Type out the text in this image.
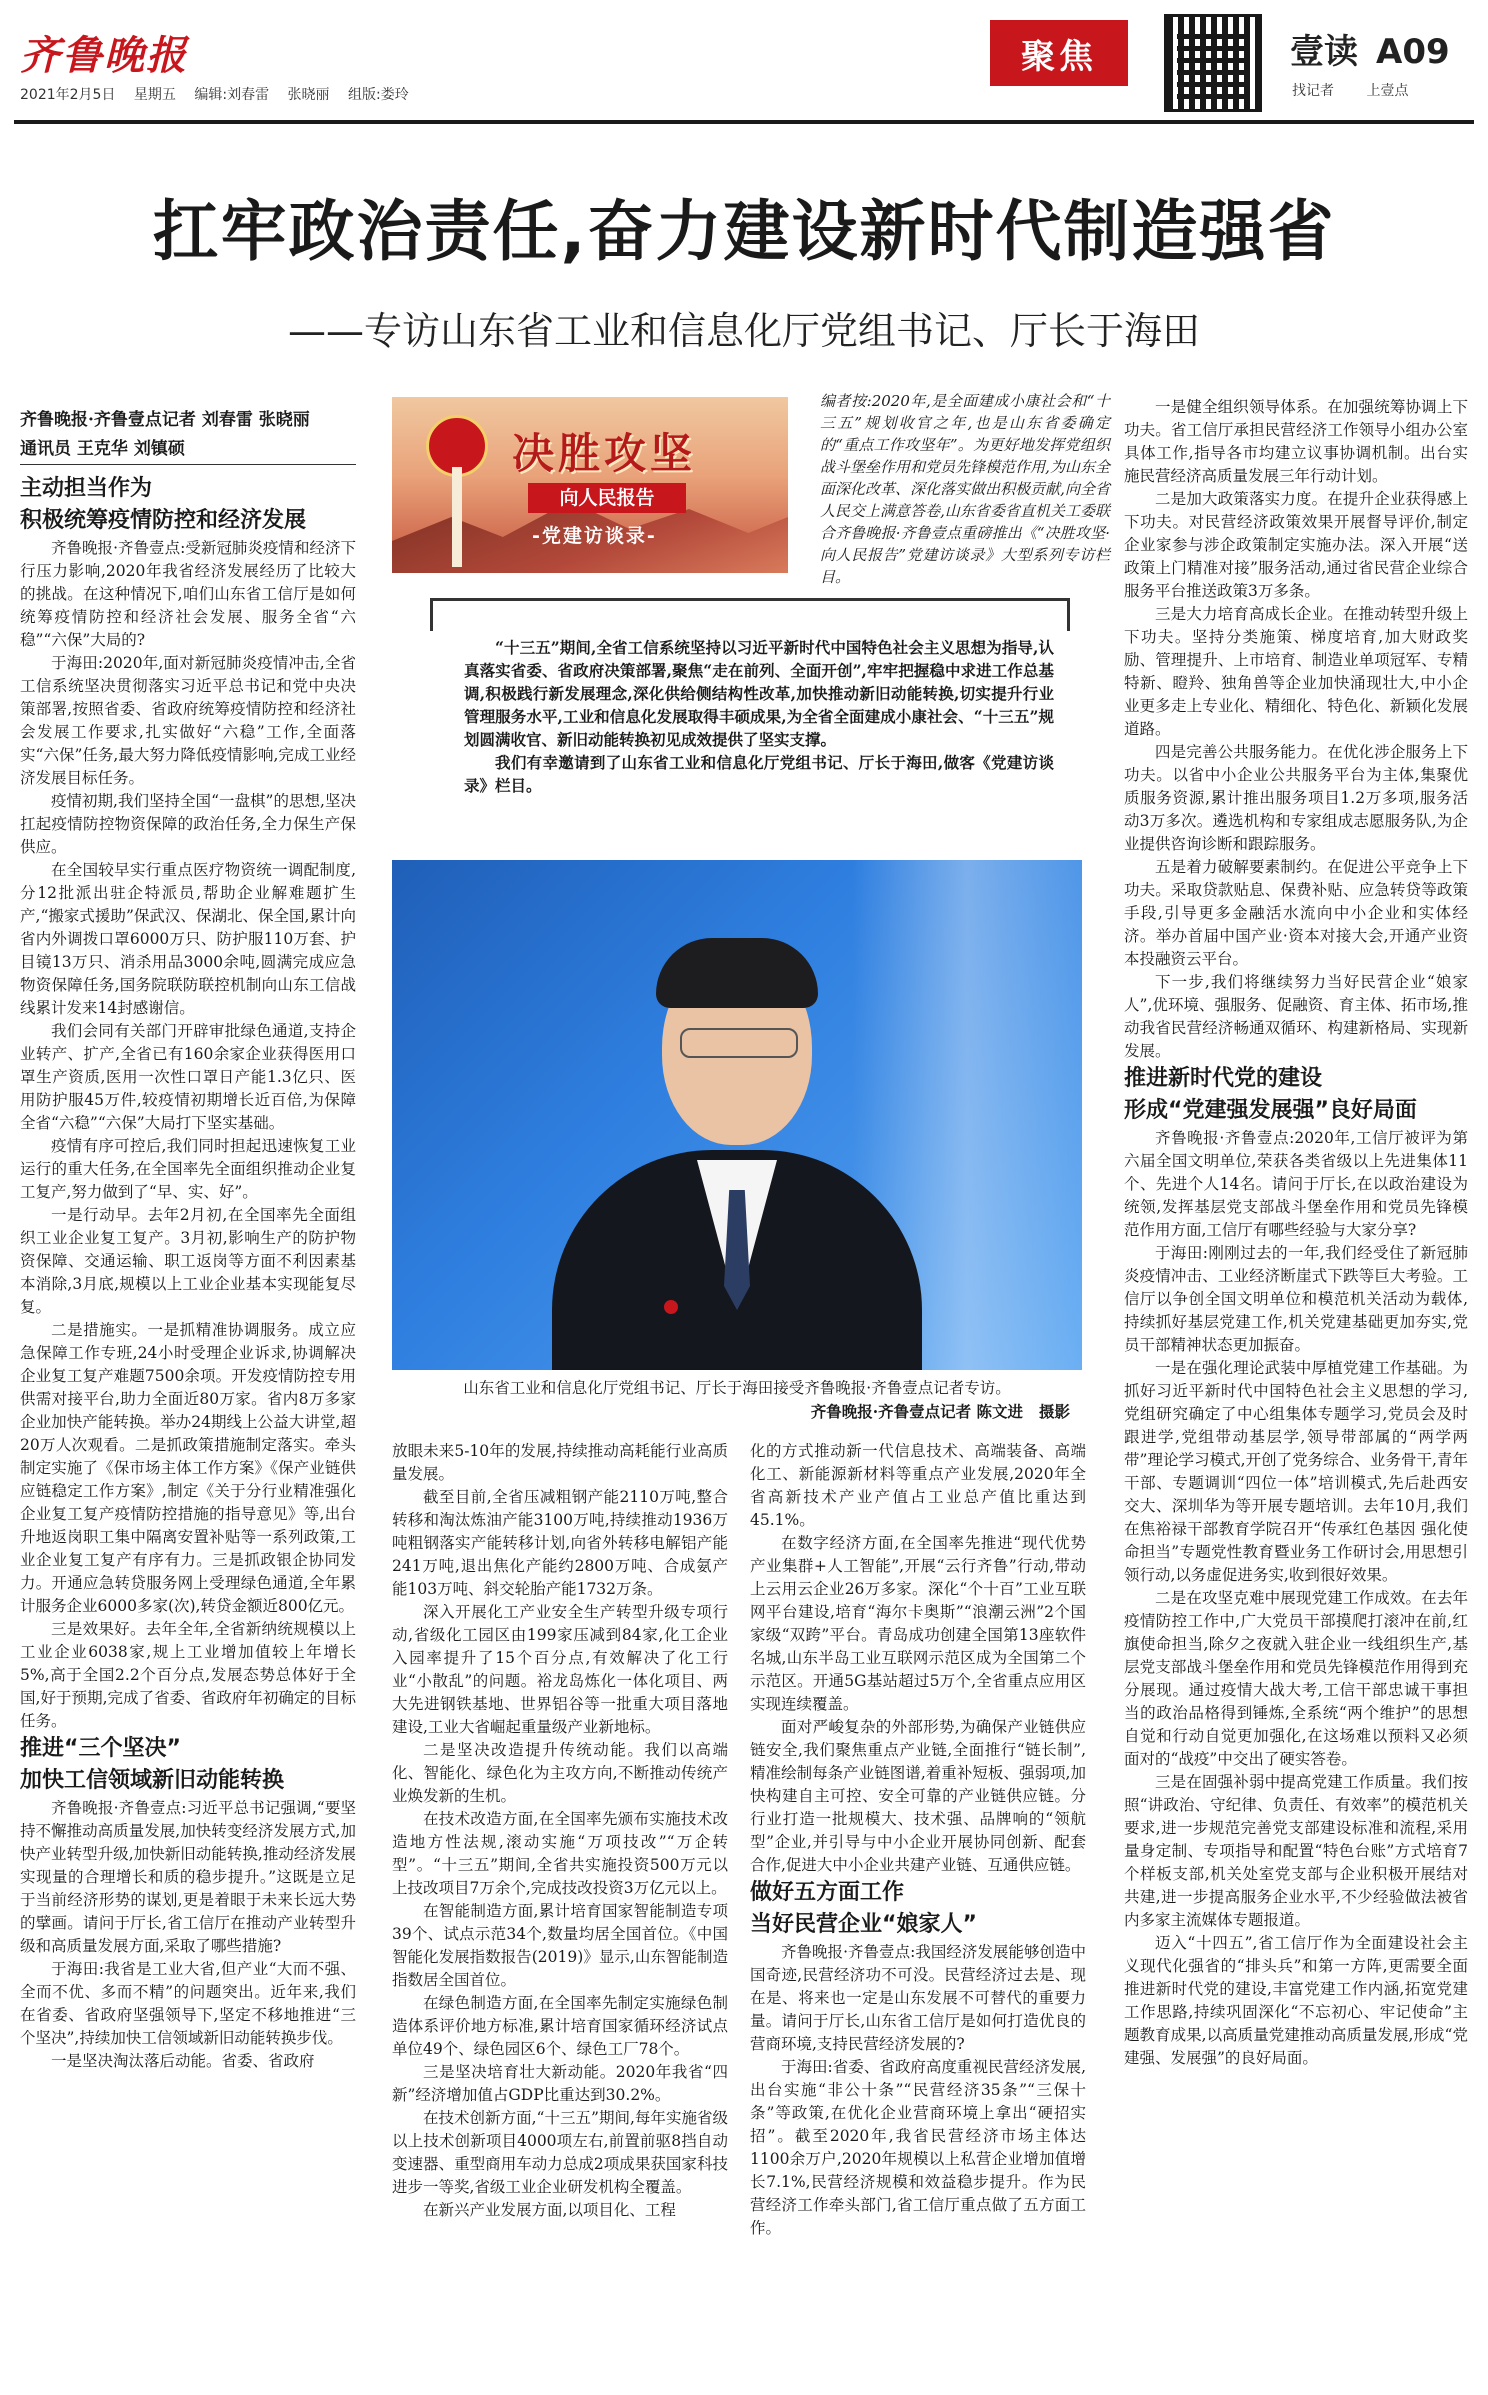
齐鲁晚报
2021年2月5日 星期五 编辑:刘春雷 张晓丽 组版:娄玲
聚焦	壹读 A09
找记者 上壹点
扛牢政治责任,奋力建设新时代制造强省
——专访山东省工业和信息化厅党组书记、厅长于海田

齐鲁晚报·齐鲁壹点记者 刘春雷 张晓丽

通讯员 王克华 刘镇硕

主动担当作为
积极统筹疫情防控和经济发展

齐鲁晚报·齐鲁壹点:受新冠肺炎疫情和经济下行压力影响,2020年我省经济发展经历了比较大的挑战。在这种情况下,咱们山东省工信厅是如何统筹疫情防控和经济社会发展、服务全省“六稳”“六保”大局的?

于海田:2020年,面对新冠肺炎疫情冲击,全省工信系统坚决贯彻落实习近平总书记和党中央决策部署,按照省委、省政府统筹疫情防控和经济社会发展工作要求,扎实做好“六稳”工作,全面落实“六保”任务,最大努力降低疫情影响,完成工业经济发展目标任务。

疫情初期,我们坚持全国“一盘棋”的思想,坚决扛起疫情防控物资保障的政治任务,全力保生产保供应。

在全国较早实行重点医疗物资统一调配制度,分12批派出驻企特派员,帮助企业解难题扩生产,“搬家式援助”保武汉、保湖北、保全国,累计向省内外调拨口罩6000万只、防护服110万套、护目镜13万只、消杀用品3000余吨,圆满完成应急物资保障任务,国务院联防联控机制向山东工信战线累计发来14封感谢信。

我们会同有关部门开辟审批绿色通道,支持企业转产、扩产,全省已有160余家企业获得医用口罩生产资质,医用一次性口罩日产能1.3亿只、医用防护服45万件,较疫情初期增长近百倍,为保障全省“六稳”“六保”大局打下坚实基础。

疫情有序可控后,我们同时担起迅速恢复工业运行的重大任务,在全国率先全面组织推动企业复工复产,努力做到了“早、实、好”。

一是行动早。去年2月初,在全国率先全面组织工业企业复工复产。3月初,影响生产的防护物资保障、交通运输、职工返岗等方面不利因素基本消除,3月底,规模以上工业企业基本实现能复尽复。

二是措施实。一是抓精准协调服务。成立应急保障工作专班,24小时受理企业诉求,协调解决企业复工复产难题7500余项。开发疫情防控专用供需对接平台,助力全面近80万家。省内8万多家企业加快产能转换。举办24期线上公益大讲堂,超20万人次观看。二是抓政策措施制定落实。牵头制定实施了《保市场主体工作方案》《保产业链供应链稳定工作方案》,制定《关于分行业精准强化企业复工复产疫情防控措施的指导意见》等,出台升地返岗职工集中隔离安置补贴等一系列政策,工业企业复工复产有序有力。三是抓政银企协同发力。开通应急转贷服务网上受理绿色通道,全年累计服务企业6000多家(次),转贷金额近800亿元。

三是效果好。去年全年,全省新纳统规模以上工业企业6038家,规上工业增加值较上年增长5%,高于全国2.2个百分点,发展态势总体好于全国,好于预期,完成了省委、省政府年初确定的目标任务。

推进“三个坚决”
加快工信领域新旧动能转换

齐鲁晚报·齐鲁壹点:习近平总书记强调,“要坚持不懈推动高质量发展,加快转变经济发展方式,加快产业转型升级,加快新旧动能转换,推动经济发展实现量的合理增长和质的稳步提升。”这既是立足于当前经济形势的谋划,更是着眼于未来长远大势的擘画。请问于厅长,省工信厅在推动产业转型升级和高质量发展方面,采取了哪些措施?

于海田:我省是工业大省,但产业“大而不强、全而不优、多而不精”的问题突出。近年来,我们在省委、省政府坚强领导下,坚定不移地推进“三个坚决”,持续加快工信领域新旧动能转换步伐。

一是坚决淘汰落后动能。省委、省政府

决胜攻坚
向人民报告
-党建访谈录-
编者按:2020年,是全面建成小康社会和“十三五”规划收官之年,也是山东省委确定的“重点工作攻坚年”。为更好地发挥党组织战斗堡垒作用和党员先锋模范作用,为山东全面深化改革、深化落实做出积极贡献,向全省人民交上满意答卷,山东省委省直机关工委联合齐鲁晚报·齐鲁壹点重磅推出《“决胜攻坚·向人民报告”党建访谈录》大型系列专访栏目。

“十三五”期间,全省工信系统坚持以习近平新时代中国特色社会主义思想为指导,认真落实省委、省政府决策部署,聚焦“走在前列、全面开创”,牢牢把握稳中求进工作总基调,积极践行新发展理念,深化供给侧结构性改革,加快推动新旧动能转换,切实提升行业管理服务水平,工业和信息化发展取得丰硕成果,为全省全面建成小康社会、“十三五”规划圆满收官、新旧动能转换初见成效提供了坚实支撑。

我们有幸邀请到了山东省工业和信息化厅党组书记、厅长于海田,做客《党建访谈录》栏目。

山东省工业和信息化厅党组书记、厅长于海田接受齐鲁晚报·齐鲁壹点记者专访。
齐鲁晚报·齐鲁壹点记者 陈文进 摄影

放眼未来5-10年的发展,持续推动高耗能行业高质量发展。

截至目前,全省压减粗钢产能2110万吨,整合转移和淘汰炼油产能3100万吨,持续推动1936万吨粗钢落实产能转移计划,向省外转移电解铝产能241万吨,退出焦化产能约2800万吨、合成氨产能103万吨、斜交轮胎产能1732万条。

深入开展化工产业安全生产转型升级专项行动,省级化工园区由199家压减到84家,化工企业入园率提升了15个百分点,有效解决了化工行业“小散乱”的问题。裕龙岛炼化一体化项目、两大先进钢铁基地、世界铝谷等一批重大项目落地建设,工业大省崛起重量级产业新地标。

二是坚决改造提升传统动能。我们以高端化、智能化、绿色化为主攻方向,不断推动传统产业焕发新的生机。

在技术改造方面,在全国率先颁布实施技术改造地方性法规,滚动实施“万项技改”“万企转型”。“十三五”期间,全省共实施投资500万元以上技改项目7万余个,完成技改投资3万亿元以上。

在智能制造方面,累计培育国家智能制造专项39个、试点示范34个,数量均居全国首位。《中国智能化发展指数报告(2019)》显示,山东智能制造指数居全国首位。

在绿色制造方面,在全国率先制定实施绿色制造体系评价地方标准,累计培育国家循环经济试点单位49个、绿色园区6个、绿色工厂78个。

三是坚决培育壮大新动能。2020年我省“四新”经济增加值占GDP比重达到30.2%。

在技术创新方面,“十三五”期间,每年实施省级以上技术创新项目4000项左右,前置前驱8挡自动变速器、重型商用车动力总成2项成果获国家科技进步一等奖,省级工业企业研发机构全覆盖。

在新兴产业发展方面,以项目化、工程

化的方式推动新一代信息技术、高端装备、高端化工、新能源新材料等重点产业发展,2020年全省高新技术产业产值占工业总产值比重达到45.1%。

在数字经济方面,在全国率先推进“现代优势产业集群+人工智能”,开展“云行齐鲁”行动,带动上云用云企业26万多家。深化“个十百”工业互联网平台建设,培育“海尔卡奥斯”“浪潮云洲”2个国家级“双跨”平台。青岛成功创建全国第13座软件名城,山东半岛工业互联网示范区成为全国第二个示范区。开通5G基站超过5万个,全省重点应用区实现连续覆盖。

面对严峻复杂的外部形势,为确保产业链供应链安全,我们聚焦重点产业链,全面推行“链长制”,精准绘制每条产业链图谱,着重补短板、强弱项,加快构建自主可控、安全可靠的产业链供应链。分行业打造一批规模大、技术强、品牌响的“领航型”企业,并引导与中小企业开展协同创新、配套合作,促进大中小企业共建产业链、互通供应链。

做好五方面工作
当好民营企业“娘家人”

齐鲁晚报·齐鲁壹点:我国经济发展能够创造中国奇迹,民营经济功不可没。民营经济过去是、现在是、将来也一定是山东发展不可替代的重要力量。请问于厅长,山东省工信厅是如何打造优良的营商环境,支持民营经济发展的?

于海田:省委、省政府高度重视民营经济发展,出台实施“非公十条”“民营经济35条”“三保十条”等政策,在优化企业营商环境上拿出“硬招实招”。截至2020年,我省民营经济市场主体达1100余万户,2020年规模以上私营企业增加值增长7.1%,民营经济规模和效益稳步提升。作为民营经济工作牵头部门,省工信厅重点做了五方面工作。

一是健全组织领导体系。在加强统筹协调上下功夫。省工信厅承担民营经济工作领导小组办公室具体工作,指导各市均建立议事协调机制。出台实施民营经济高质量发展三年行动计划。

二是加大政策落实力度。在提升企业获得感上下功夫。对民营经济政策效果开展督导评价,制定企业家参与涉企政策制定实施办法。深入开展“送政策上门精准对接”服务活动,通过省民营企业综合服务平台推送政策3万多条。

三是大力培育高成长企业。在推动转型升级上下功夫。坚持分类施策、梯度培育,加大财政奖励、管理提升、上市培育、制造业单项冠军、专精特新、瞪羚、独角兽等企业加快涌现壮大,中小企业更多走上专业化、精细化、特色化、新颖化发展道路。

四是完善公共服务能力。在优化涉企服务上下功夫。以省中小企业公共服务平台为主体,集聚优质服务资源,累计推出服务项目1.2万多项,服务活动3万多次。遴选机构和专家组成志愿服务队,为企业提供咨询诊断和跟踪服务。

五是着力破解要素制约。在促进公平竞争上下功夫。采取贷款贴息、保费补贴、应急转贷等政策手段,引导更多金融活水流向中小企业和实体经济。举办首届中国产业·资本对接大会,开通产业资本投融资云平台。

下一步,我们将继续努力当好民营企业“娘家人”,优环境、强服务、促融资、育主体、拓市场,推动我省民营经济畅通双循环、构建新格局、实现新发展。

推进新时代党的建设
形成“党建强发展强”良好局面

齐鲁晚报·齐鲁壹点:2020年,工信厅被评为第六届全国文明单位,荣获各类省级以上先进集体11个、先进个人14名。请问于厅长,在以政治建设为统领,发挥基层党支部战斗堡垒作用和党员先锋模范作用方面,工信厅有哪些经验与大家分享?

于海田:刚刚过去的一年,我们经受住了新冠肺炎疫情冲击、工业经济断崖式下跌等巨大考验。工信厅以争创全国文明单位和模范机关活动为载体,持续抓好基层党建工作,机关党建基础更加夯实,党员干部精神状态更加振奋。

一是在强化理论武装中厚植党建工作基础。为抓好习近平新时代中国特色社会主义思想的学习,党组研究确定了中心组集体专题学习,党员会及时跟进学,党组带动基层学,领导带部属的“两学两带”理论学习模式,开创了党务综合、业务骨干,青年干部、专题调训“四位一体”培训模式,先后赴西安交大、深圳华为等开展专题培训。去年10月,我们在焦裕禄干部教育学院召开“传承红色基因 强化使命担当”专题党性教育暨业务工作研讨会,用思想引领行动,以务虚促进务实,收到很好效果。

二是在攻坚克难中展现党建工作成效。在去年疫情防控工作中,广大党员干部摸爬打滚冲在前,红旗使命担当,除夕之夜就入驻企业一线组织生产,基层党支部战斗堡垒作用和党员先锋模范作用得到充分展现。通过疫情大战大考,工信干部忠诚干事担当的政治品格得到锤炼,全系统“两个维护”的思想自觉和行动自觉更加强化,在这场难以预料又必须面对的“战疫”中交出了硬实答卷。

三是在固强补弱中提高党建工作质量。我们按照“讲政治、守纪律、负责任、有效率”的模范机关要求,进一步规范完善党支部建设标准和流程,采用量身定制、专项指导和配置“特色台账”方式培育7个样板支部,机关处室党支部与企业积极开展结对共建,进一步提高服务企业水平,不少经验做法被省内多家主流媒体专题报道。

迈入“十四五”,省工信厅作为全面建设社会主义现代化强省的“排头兵”和第一方阵,更需要全面推进新时代党的建设,丰富党建工作内涵,拓宽党建工作思路,持续巩固深化“不忘初心、牢记使命”主题教育成果,以高质量党建推动高质量发展,形成“党建强、发展强”的良好局面。
